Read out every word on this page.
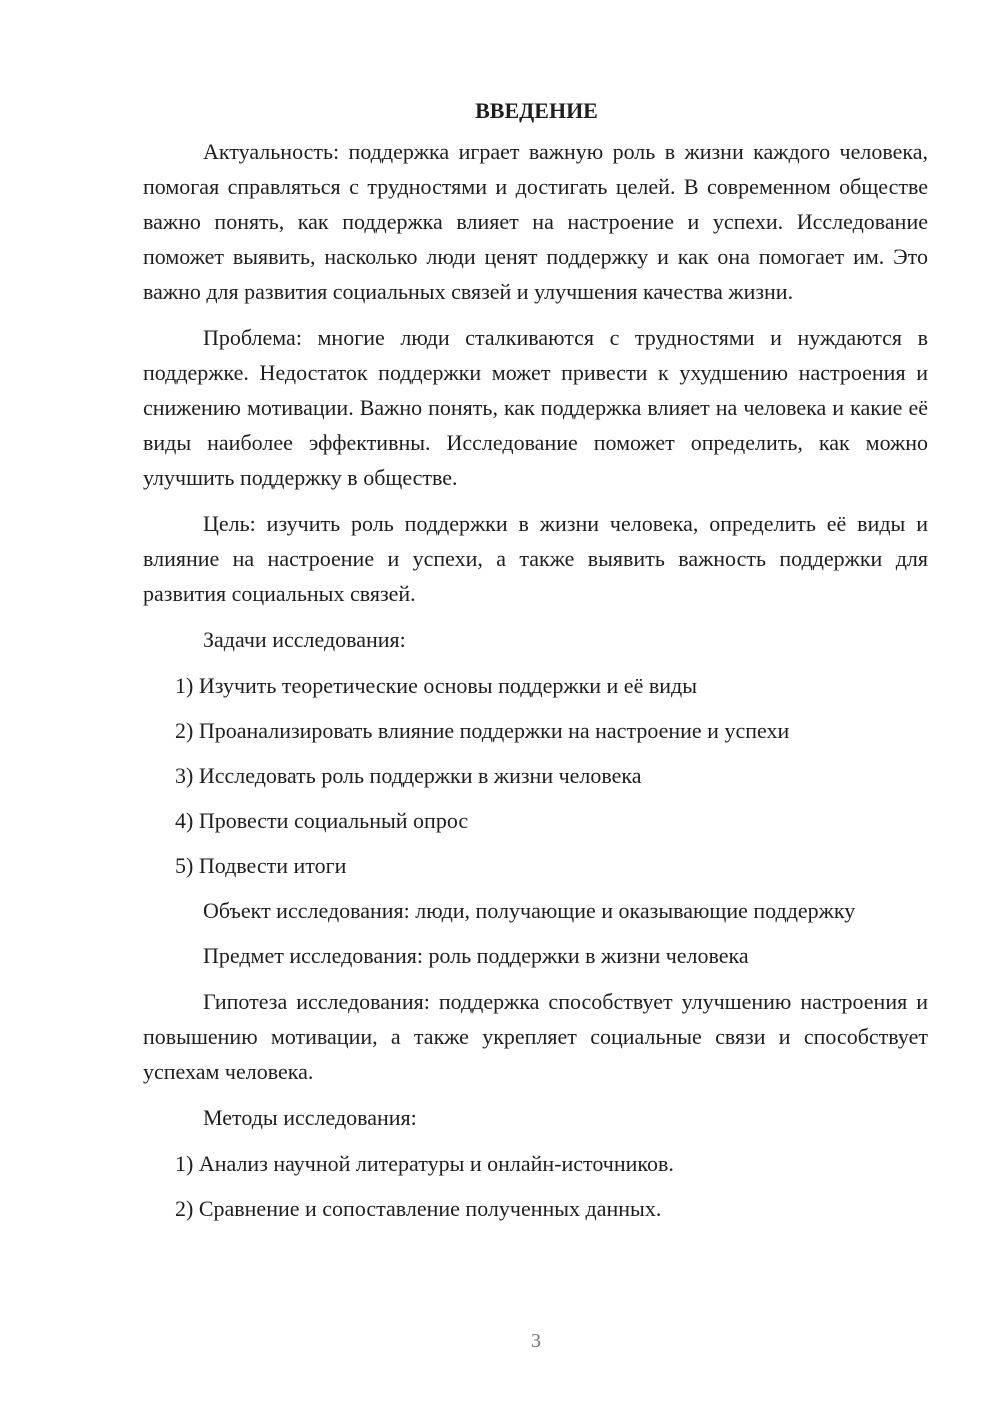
ВВЕДЕНИЕ

Актуальность: поддержка играет важную роль в жизни каждого человека, помогая справляться с трудностями и достигать целей. В современном обществе важно понять, как поддержка влияет на настроение и успехи. Исследование поможет выявить, насколько люди ценят поддержку и как она помогает им. Это важно для развития социальных связей и улучшения качества жизни.

Проблема: многие люди сталкиваются с трудностями и нуждаются в поддержке. Недостаток поддержки может привести к ухудшению настроения и снижению мотивации. Важно понять, как поддержка влияет на человека и какие её виды наиболее эффективны. Исследование поможет определить, как можно улучшить поддержку в обществе.

Цель: изучить роль поддержки в жизни человека, определить её виды и влияние на настроение и успехи, а также выявить важность поддержки для развития социальных связей.

Задачи исследования:

1) Изучить теоретические основы поддержки и её виды
2) Проанализировать влияние поддержки на настроение и успехи
3) Исследовать роль поддержки в жизни человека
4) Провести социальный опрос
5) Подвести итоги

Объект исследования: люди, получающие и оказывающие поддержку

Предмет исследования: роль поддержки в жизни человека

Гипотеза исследования: поддержка способствует улучшению настроения и повышению мотивации, а также укрепляет социальные связи и способствует успехам человека.

Методы исследования:

1) Анализ научной литературы и онлайн-источников.
2) Сравнение и сопоставление полученных данных.
3
